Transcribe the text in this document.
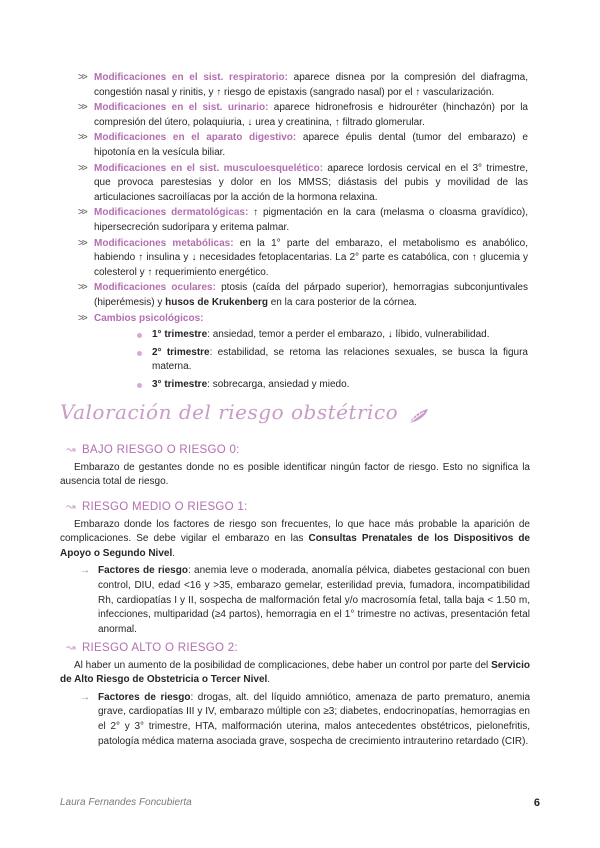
>> Modificaciones en el sist. respiratorio: aparece disnea por la compresión del diafragma, congestión nasal y rinitis, y ↑ riesgo de epistaxis (sangrado nasal) por el ↑ vascularización.
>> Modificaciones en el sist. urinario: aparece hidronefrosis e hidrouréter (hinchazón) por la compresión del útero, polaquiuria, ↓ urea y creatinina, ↑ filtrado glomerular.
>> Modificaciones en el aparato digestivo: aparece épulis dental (tumor del embarazo) e hipotonía en la vesícula biliar.
>> Modificaciones en el sist. musculoesquelético: aparece lordosis cervical en el 3° trimestre, que provoca parestesias y dolor en los MMSS; diástasis del pubis y movilidad de las articulaciones sacroilíacas por la acción de la hormona relaxina.
>> Modificaciones dermatológicas: ↑ pigmentación en la cara (melasma o cloasma gravídico), hipersecreción sudorípara y eritema palmar.
>> Modificaciones metabólicas: en la 1° parte del embarazo, el metabolismo es anabólico, habiendo ↑ insulina y ↓ necesidades fetoplacentarias. La 2° parte es catabólica, con ↑ glucemia y colesterol y ↑ requerimiento energético.
>> Modificaciones oculares: ptosis (caída del párpado superior), hemorragias subconjuntivales (hiperémesis) y husos de Krukenberg en la cara posterior de la córnea.
>> Cambios psicológicos:
1° trimestre: ansiedad, temor a perder el embarazo, ↓ líbido, vulnerabilidad.
2° trimestre: estabilidad, se retoma las relaciones sexuales, se busca la figura materna.
3° trimestre: sobrecarga, ansiedad y miedo.
Valoración del riesgo obstétrico
↝ BAJO RIESGO O RIESGO 0:
Embarazo de gestantes donde no es posible identificar ningún factor de riesgo. Esto no significa la ausencia total de riesgo.
↝ RIESGO MEDIO O RIESGO 1:
Embarazo donde los factores de riesgo son frecuentes, lo que hace más probable la aparición de complicaciones. Se debe vigilar el embarazo en las Consultas Prenatales de los Dispositivos de Apoyo o Segundo Nivel.
→ Factores de riesgo: anemia leve o moderada, anomalía pélvica, diabetes gestacional con buen control, DIU, edad <16 y >35, embarazo gemelar, esterilidad previa, fumadora, incompatibilidad Rh, cardiopatías I y II, sospecha de malformación fetal y/o macrosomía fetal, talla baja < 1.50 m, infecciones, multiparidad (≥4 partos), hemorragia en el 1° trimestre no activas, presentación fetal anormal.
↝ RIESGO ALTO O RIESGO 2:
Al haber un aumento de la posibilidad de complicaciones, debe haber un control por parte del Servicio de Alto Riesgo de Obstetricia o Tercer Nivel.
→ Factores de riesgo: drogas, alt. del líquido amniótico, amenaza de parto prematuro, anemia grave, cardiopatías III y IV, embarazo múltiple con ≥3; diabetes, endocrinopatías, hemorragias en el 2° y 3° trimestre, HTA, malformación uterina, malos antecedentes obstétricos, pielonefritis, patología médica materna asociada grave, sospecha de crecimiento intrauterino retardado (CIR).
Laura Fernandes Foncubierta	6
